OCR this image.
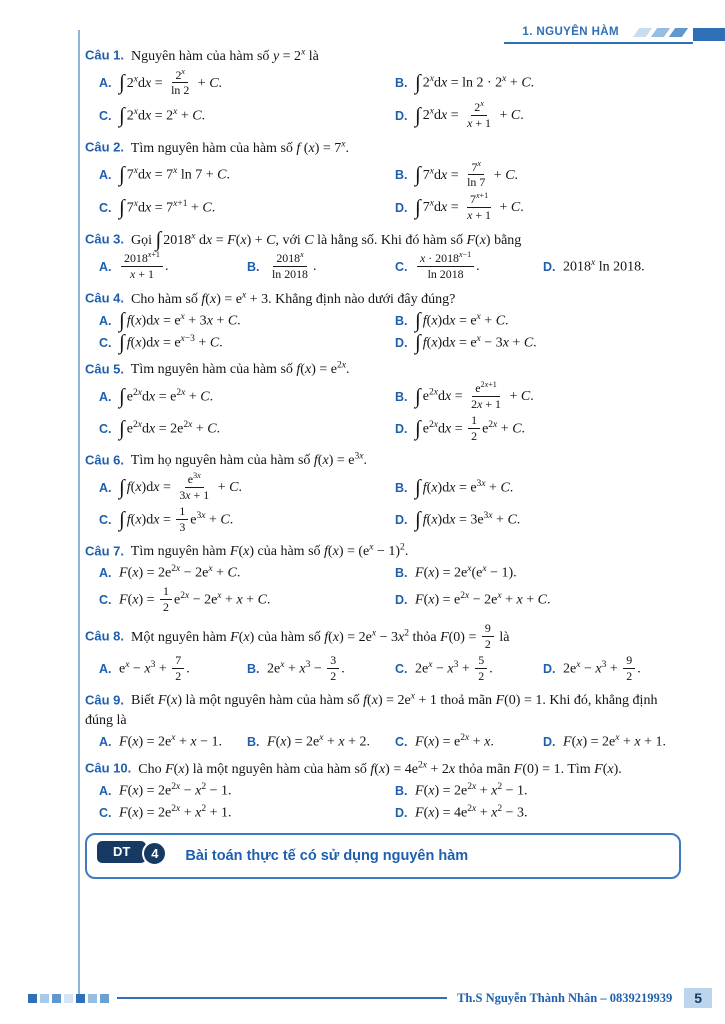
1. NGUYÊN HÀM

Câu 1. Nguyên hàm của hàm số $y = 2^x$ là

A.
∫ $2^xdx = \frac{2^x}{\ln 2} + C$.	B.
∫ $2^xdx = \ln 2 \cdot 2^x + C$.
C.
∫ $2^xdx = 2^x + C$.	D.
∫ $2^xdx = \frac{2^x}{x + 1} + C$.

Câu 2. Tìm nguyên hàm của hàm số f $(x) = 7^x$.

A.
∫ $7^xdx = 7^x$ ln 7 + C.	B.
∫ $7^xdx = \frac{7^x}{\ln 7} + C$.
C.
∫ $7^xdx = 7^{x+1} + C$.	D.
∫ $7^xdx = \frac{7^{x+1}}{x + 1} + C$.

Câu 3. Gọi ∫ 2018$^x$ dx = F(x) + C, với C là hằng số. Khi đó hàm số F(x) bằng

A.
$\frac{2018^{x+1}}{x + 1}$ .	B.
$\frac{2018^x}{\ln 2018}$ .	C.
$\frac{x \cdot 2018^{x-1}}{\ln 2018}$ .	D.
2018$^x$ ln 2018.

Câu 4. Cho hàm số $f(x) = e^x + 3$. Khẳng định nào dưới đây đúng?

A.
∫ $f(x)dx = e^x + 3x + C$.	B.
∫ $f(x)dx = e^x + C$.
C.
∫ $f(x)dx = e^{x-3} + C$.	D.
∫ $f(x)dx = e^x - 3x + C$.

Câu 5. Tìm nguyên hàm của hàm số $f(x) = e^{2x}$.

A.
∫ $e^{2x}dx = e^{2x} + C$.	B.
∫ $e^{2x}dx = \frac{e^{2x+1}}{2x + 1} + C$.
C.
∫ $e^{2x}dx = 2e^{2x} + C$.	D.
∫ $e^{2x}dx = \frac{1}{2} e^{2x} + C$.

Câu 6. Tìm họ nguyên hàm của hàm số $f(x) = e^{3x}$.

A.
∫ $f(x)dx = \frac{e^{3x}}{3x + 1} + C$.	B.
∫ $f(x)dx = e^{3x} + C$.
C.
∫ $f(x)dx = \frac{1}{3} e^{3x} + C$.	D.
∫ $f(x)dx = 3e^{3x} + C$.

Câu 7. Tìm nguyên hàm F(x) của hàm số $f(x) = (e^x - 1)^2$.

A.
$F(x) = 2e^{2x} - 2e^x + C$.	B.
$F(x) = 2e^x(e^x - 1)$.
C.
$F(x) = \frac{1}{2} e^{2x} - 2e^x + x + C$.	D.
$F(x) = e^{2x} - 2e^x + x + C$.

Câu 8. Một nguyên hàm F(x) của hàm số $f(x) = 2e^x - 3x^2$ thỏa $F(0) = \frac{9}{2}$ là

A.
$e^x - x^3 + \frac{7}{2}$ .	B.
$2e^x + x^3 - \frac{3}{2}$ .	C.
$2e^x - x^3 + \frac{5}{2}$ .	D.
$2e^x - x^3 + \frac{9}{2}$ .

Câu 9. Biết F(x) là một nguyên hàm của hàm số $f(x) = 2e^x + 1$ thoả mãn F(0) = 1. Khi đó, khẳng định đúng là

A.
$F(x) = 2e^x + x - 1$. B.
$F(x) = 2e^x + x + 2$. C.
$F(x) = e^{2x} + x$.	D.
$F(x) = 2e^x + x + 1$.

Câu 10. Cho F(x) là một nguyên hàm của hàm số $f(x) = 4e^{2x} + 2x$ thỏa mãn F(0) = 1. Tìm F(x).

A.
$F(x) = 2e^{2x} - x^2 - 1$.	B.
$F(x) = 2e^{2x} + x^2 - 1$.
C.
$F(x) = 2e^{2x} + x^2 + 1$.	D.
$F(x) = 4e^{2x} + x^2 - 3$.
DT	4	Bài toán thực tế có sử dụng nguyên hàm
Th.S Nguyễn Thành Nhân – 0839219939	5
